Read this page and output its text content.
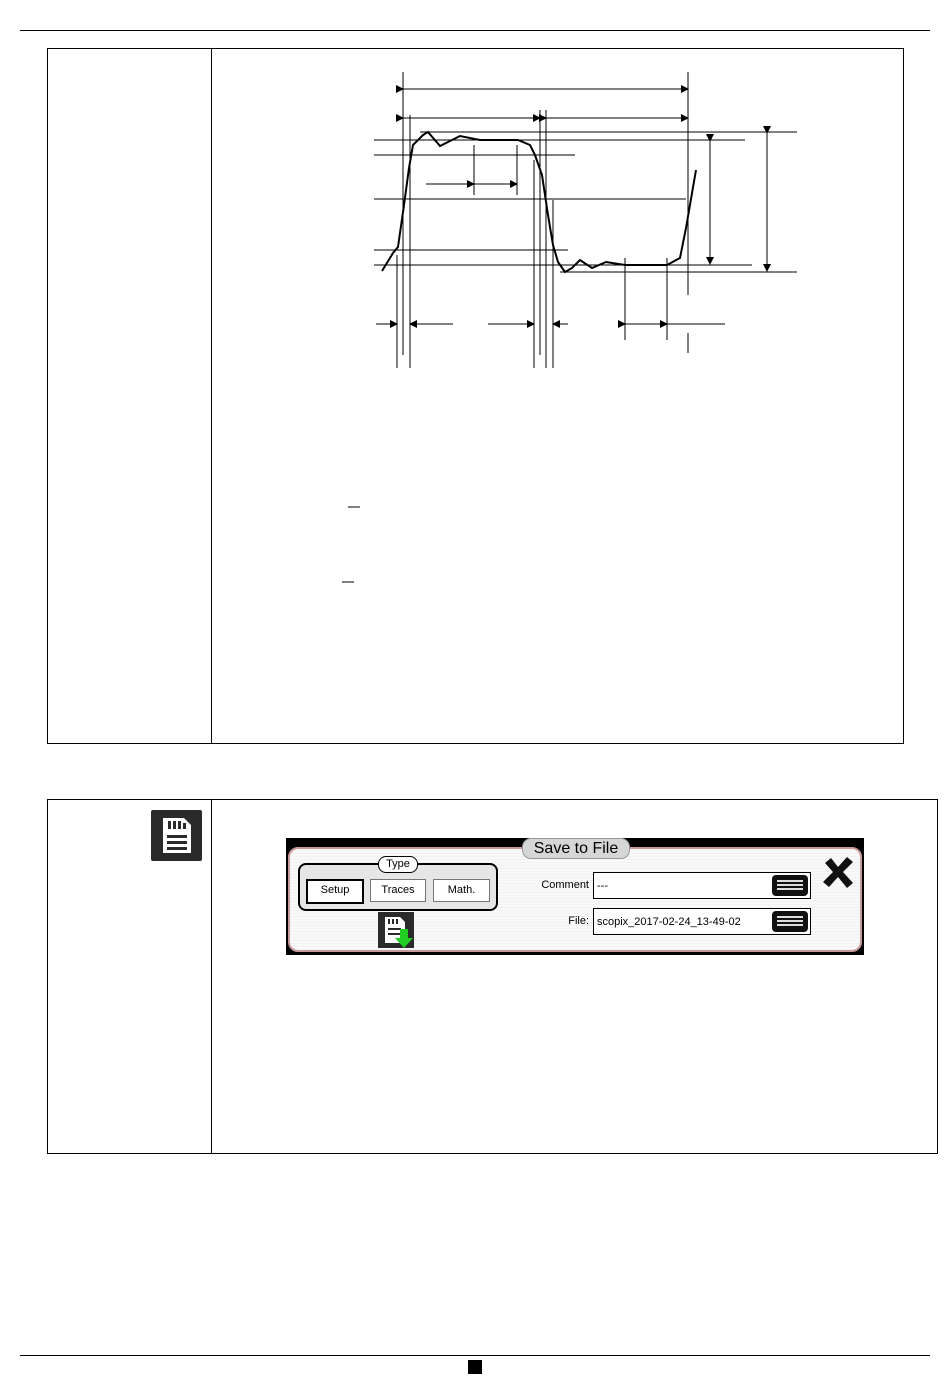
Save to File
Type
Setup	Traces	Math.	Comment ---
File: scopix_2017-02-24_13-49-02
